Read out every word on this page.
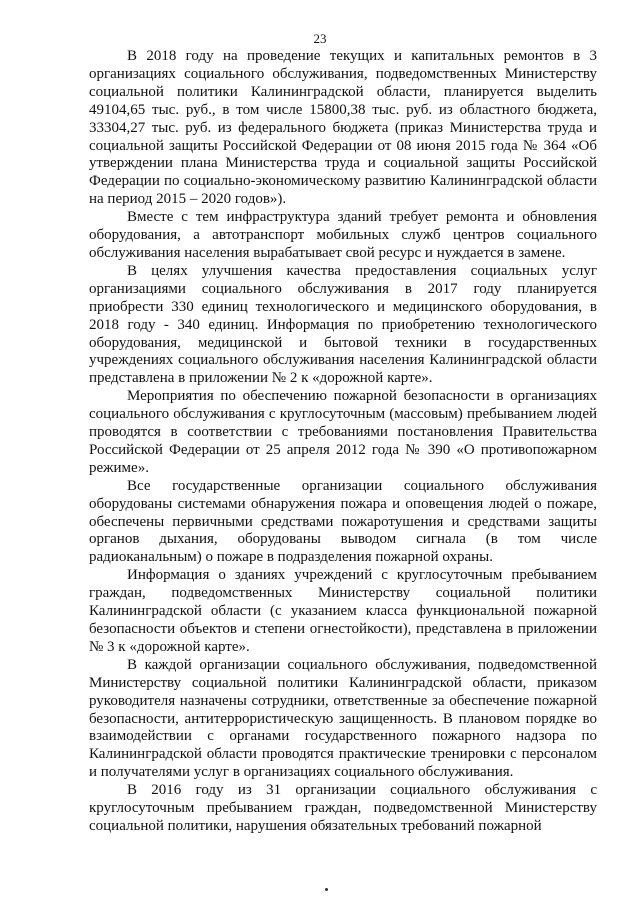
23

В 2018 году на проведение текущих и капитальных ремонтов в 3 организациях социального обслуживания, подведомственных Министерству социальной политики Калининградской области, планируется выделить 49104,65 тыс. руб., в том числе 15800,38 тыс. руб. из областного бюджета, 33304,27 тыс. руб. из федерального бюджета (приказ Министерства труда и социальной защиты Российской Федерации от 08 июня 2015 года № 364 «Об утверждении плана Министерства труда и социальной защиты Российской Федерации по социально-экономическому развитию Калининградской области на период 2015 – 2020 годов»).

Вместе с тем инфраструктура зданий требует ремонта и обновления оборудования, а автотранспорт мобильных служб центров социального обслуживания населения вырабатывает свой ресурс и нуждается в замене.

В целях улучшения качества предоставления социальных услуг организациями социального обслуживания в 2017 году планируется приобрести 330 единиц технологического и медицинского оборудования, в 2018 году - 340 единиц. Информация по приобретению технологического оборудования, медицинской и бытовой техники в государственных учреждениях социального обслуживания населения Калининградской области представлена в приложении № 2 к «дорожной карте».

Мероприятия по обеспечению пожарной безопасности в организациях социального обслуживания с круглосуточным (массовым) пребыванием людей проводятся в соответствии с требованиями постановления Правительства Российской Федерации от 25 апреля 2012 года № 390 «О противопожарном режиме».

Все государственные организации социального обслуживания оборудованы системами обнаружения пожара и оповещения людей о пожаре, обеспечены первичными средствами пожаротушения и средствами защиты органов дыхания, оборудованы выводом сигнала (в том числе радиоканальным) о пожаре в подразделения пожарной охраны.

Информация о зданиях учреждений с круглосуточным пребыванием граждан, подведомственных Министерству социальной политики Калининградской области (с указанием класса функциональной пожарной безопасности объектов и степени огнестойкости), представлена в приложении № 3 к «дорожной карте».

В каждой организации социального обслуживания, подведомственной Министерству социальной политики Калининградской области, приказом руководителя назначены сотрудники, ответственные за обеспечение пожарной безопасности, антитеррористическую защищенность. В плановом порядке во взаимодействии с органами государственного пожарного надзора по Калининградской области проводятся практические тренировки с персоналом и получателями услуг в организациях социального обслуживания.

В 2016 году из 31 организации социального обслуживания с круглосуточным пребыванием граждан, подведомственной Министерству социальной политики, нарушения обязательных требований пожарной
